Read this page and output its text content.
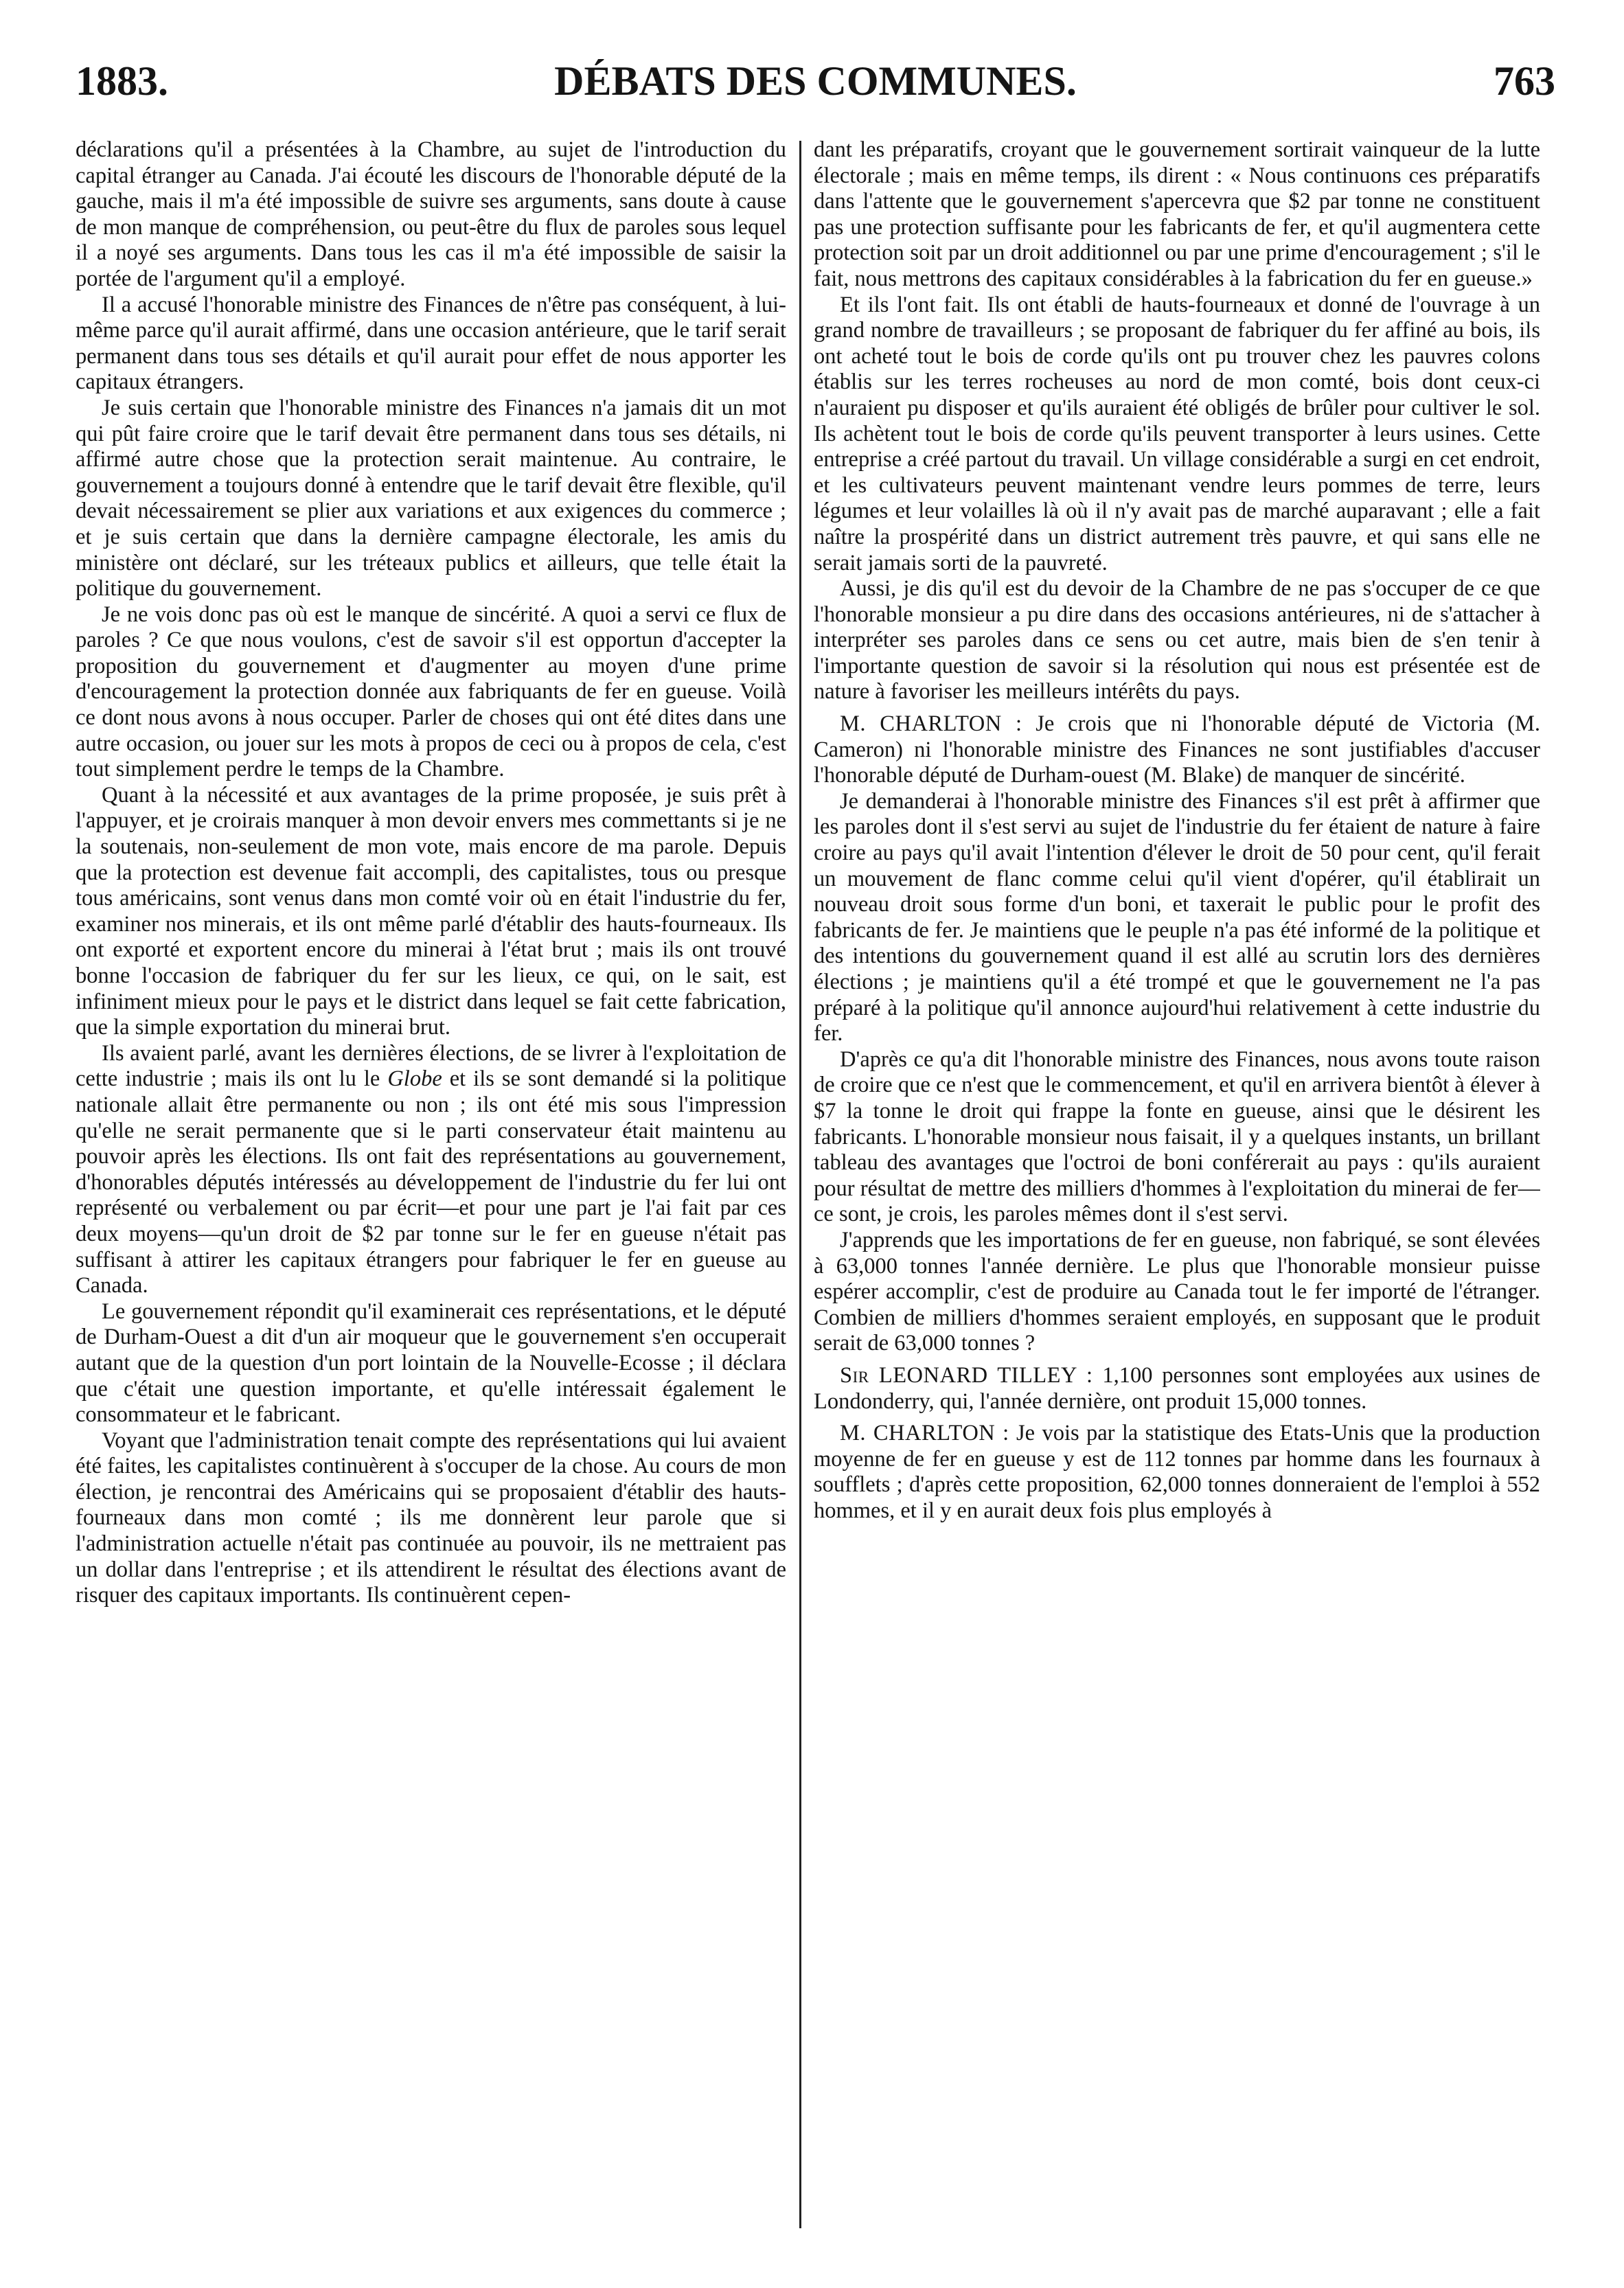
1883.	DÉBATS DES COMMUNES.	763

déclarations qu'il a présentées à la Chambre, au sujet de l'introduction du capital étranger au Canada. J'ai écouté les discours de l'honorable député de la gauche, mais il m'a été impossible de suivre ses arguments, sans doute à cause de mon manque de compréhension, ou peut-être du flux de paroles sous lequel il a noyé ses arguments. Dans tous les cas il m'a été impossible de saisir la portée de l'argument qu'il a employé.

Il a accusé l'honorable ministre des Finances de n'être pas conséquent, à lui-même parce qu'il aurait affirmé, dans une occasion antérieure, que le tarif serait permanent dans tous ses détails et qu'il aurait pour effet de nous apporter les capitaux étrangers.

Je suis certain que l'honorable ministre des Finances n'a jamais dit un mot qui pût faire croire que le tarif devait être permanent dans tous ses détails, ni affirmé autre chose que la protection serait maintenue. Au contraire, le gouvernement a toujours donné à entendre que le tarif devait être flexible, qu'il devait nécessairement se plier aux variations et aux exigences du commerce ; et je suis certain que dans la dernière campagne électorale, les amis du ministère ont déclaré, sur les tréteaux publics et ailleurs, que telle était la politique du gouvernement.

Je ne vois donc pas où est le manque de sincérité. A quoi a servi ce flux de paroles ? Ce que nous voulons, c'est de savoir s'il est opportun d'accepter la proposition du gouvernement et d'augmenter au moyen d'une prime d'encouragement la protection donnée aux fabriquants de fer en gueuse. Voilà ce dont nous avons à nous occuper. Parler de choses qui ont été dites dans une autre occasion, ou jouer sur les mots à propos de ceci ou à propos de cela, c'est tout simplement perdre le temps de la Chambre.

Quant à la nécessité et aux avantages de la prime proposée, je suis prêt à l'appuyer, et je croirais manquer à mon devoir envers mes commettants si je ne la soutenais, non-seulement de mon vote, mais encore de ma parole. Depuis que la protection est devenue fait accompli, des capitalistes, tous ou presque tous américains, sont venus dans mon comté voir où en était l'industrie du fer, examiner nos minerais, et ils ont même parlé d'établir des hauts-fourneaux. Ils ont exporté et exportent encore du minerai à l'état brut ; mais ils ont trouvé bonne l'occasion de fabriquer du fer sur les lieux, ce qui, on le sait, est infiniment mieux pour le pays et le district dans lequel se fait cette fabrication, que la simple exportation du minerai brut.

Ils avaient parlé, avant les dernières élections, de se livrer à l'exploitation de cette industrie ; mais ils ont lu le Globe et ils se sont demandé si la politique nationale allait être permanente ou non ; ils ont été mis sous l'impression qu'elle ne serait permanente que si le parti conservateur était maintenu au pouvoir après les élections. Ils ont fait des représentations au gouvernement, d'honorables députés intéressés au développement de l'industrie du fer lui ont représenté ou verbalement ou par écrit—et pour une part je l'ai fait par ces deux moyens—qu'un droit de $2 par tonne sur le fer en gueuse n'était pas suffisant à attirer les capitaux étrangers pour fabriquer le fer en gueuse au Canada.

Le gouvernement répondit qu'il examinerait ces représentations, et le député de Durham-Ouest a dit d'un air moqueur que le gouvernement s'en occuperait autant que de la question d'un port lointain de la Nouvelle-Ecosse ; il déclara que c'était une question importante, et qu'elle intéressait également le consommateur et le fabricant.

Voyant que l'administration tenait compte des représentations qui lui avaient été faites, les capitalistes continuèrent à s'occuper de la chose. Au cours de mon élection, je rencontrai des Américains qui se proposaient d'établir des hauts-fourneaux dans mon comté ; ils me donnèrent leur parole que si l'administration actuelle n'était pas continuée au pouvoir, ils ne mettraient pas un dollar dans l'entreprise ; et ils attendirent le résultat des élections avant de risquer des capitaux importants. Ils continuèrent cepen-

dant les préparatifs, croyant que le gouvernement sortirait vainqueur de la lutte électorale ; mais en même temps, ils dirent : « Nous continuons ces préparatifs dans l'attente que le gouvernement s'apercevra que $2 par tonne ne constituent pas une protection suffisante pour les fabricants de fer, et qu'il augmentera cette protection soit par un droit additionnel ou par une prime d'encouragement ; s'il le fait, nous mettrons des capitaux considérables à la fabrication du fer en gueuse.»

Et ils l'ont fait. Ils ont établi de hauts-fourneaux et donné de l'ouvrage à un grand nombre de travailleurs ; se proposant de fabriquer du fer affiné au bois, ils ont acheté tout le bois de corde qu'ils ont pu trouver chez les pauvres colons établis sur les terres rocheuses au nord de mon comté, bois dont ceux-ci n'auraient pu disposer et qu'ils auraient été obligés de brûler pour cultiver le sol. Ils achètent tout le bois de corde qu'ils peuvent transporter à leurs usines. Cette entreprise a créé partout du travail. Un village considérable a surgi en cet endroit, et les cultivateurs peuvent maintenant vendre leurs pommes de terre, leurs légumes et leur volailles là où il n'y avait pas de marché auparavant ; elle a fait naître la prospérité dans un district autrement très pauvre, et qui sans elle ne serait jamais sorti de la pauvreté.

Aussi, je dis qu'il est du devoir de la Chambre de ne pas s'occuper de ce que l'honorable monsieur a pu dire dans des occasions antérieures, ni de s'attacher à interpréter ses paroles dans ce sens ou cet autre, mais bien de s'en tenir à l'importante question de savoir si la résolution qui nous est présentée est de nature à favoriser les meilleurs intérêts du pays.

M. CHARLTON : Je crois que ni l'honorable député de Victoria (M. Cameron) ni l'honorable ministre des Finances ne sont justifiables d'accuser l'honorable député de Durham-ouest (M. Blake) de manquer de sincérité.

Je demanderai à l'honorable ministre des Finances s'il est prêt à affirmer que les paroles dont il s'est servi au sujet de l'industrie du fer étaient de nature à faire croire au pays qu'il avait l'intention d'élever le droit de 50 pour cent, qu'il ferait un mouvement de flanc comme celui qu'il vient d'opérer, qu'il établirait un nouveau droit sous forme d'un boni, et taxerait le public pour le profit des fabricants de fer. Je maintiens que le peuple n'a pas été informé de la politique et des intentions du gouvernement quand il est allé au scrutin lors des dernières élections ; je maintiens qu'il a été trompé et que le gouvernement ne l'a pas préparé à la politique qu'il annonce aujourd'hui relativement à cette industrie du fer.

D'après ce qu'a dit l'honorable ministre des Finances, nous avons toute raison de croire que ce n'est que le commencement, et qu'il en arrivera bientôt à élever à $7 la tonne le droit qui frappe la fonte en gueuse, ainsi que le désirent les fabricants. L'honorable monsieur nous faisait, il y a quelques instants, un brillant tableau des avantages que l'octroi de boni conférerait au pays : qu'ils auraient pour résultat de mettre des milliers d'hommes à l'exploitation du minerai de fer—ce sont, je crois, les paroles mêmes dont il s'est servi.

J'apprends que les importations de fer en gueuse, non fabriqué, se sont élevées à 63,000 tonnes l'année dernière. Le plus que l'honorable monsieur puisse espérer accomplir, c'est de produire au Canada tout le fer importé de l'étranger. Combien de milliers d'hommes seraient employés, en supposant que le produit serait de 63,000 tonnes ?

Sir LEONARD TILLEY : 1,100 personnes sont employées aux usines de Londonderry, qui, l'année dernière, ont produit 15,000 tonnes.

M. CHARLTON : Je vois par la statistique des Etats-Unis que la production moyenne de fer en gueuse y est de 112 tonnes par homme dans les fournaux à soufflets ; d'après cette proposition, 62,000 tonnes donneraient de l'emploi à 552 hommes, et il y en aurait deux fois plus employés à
